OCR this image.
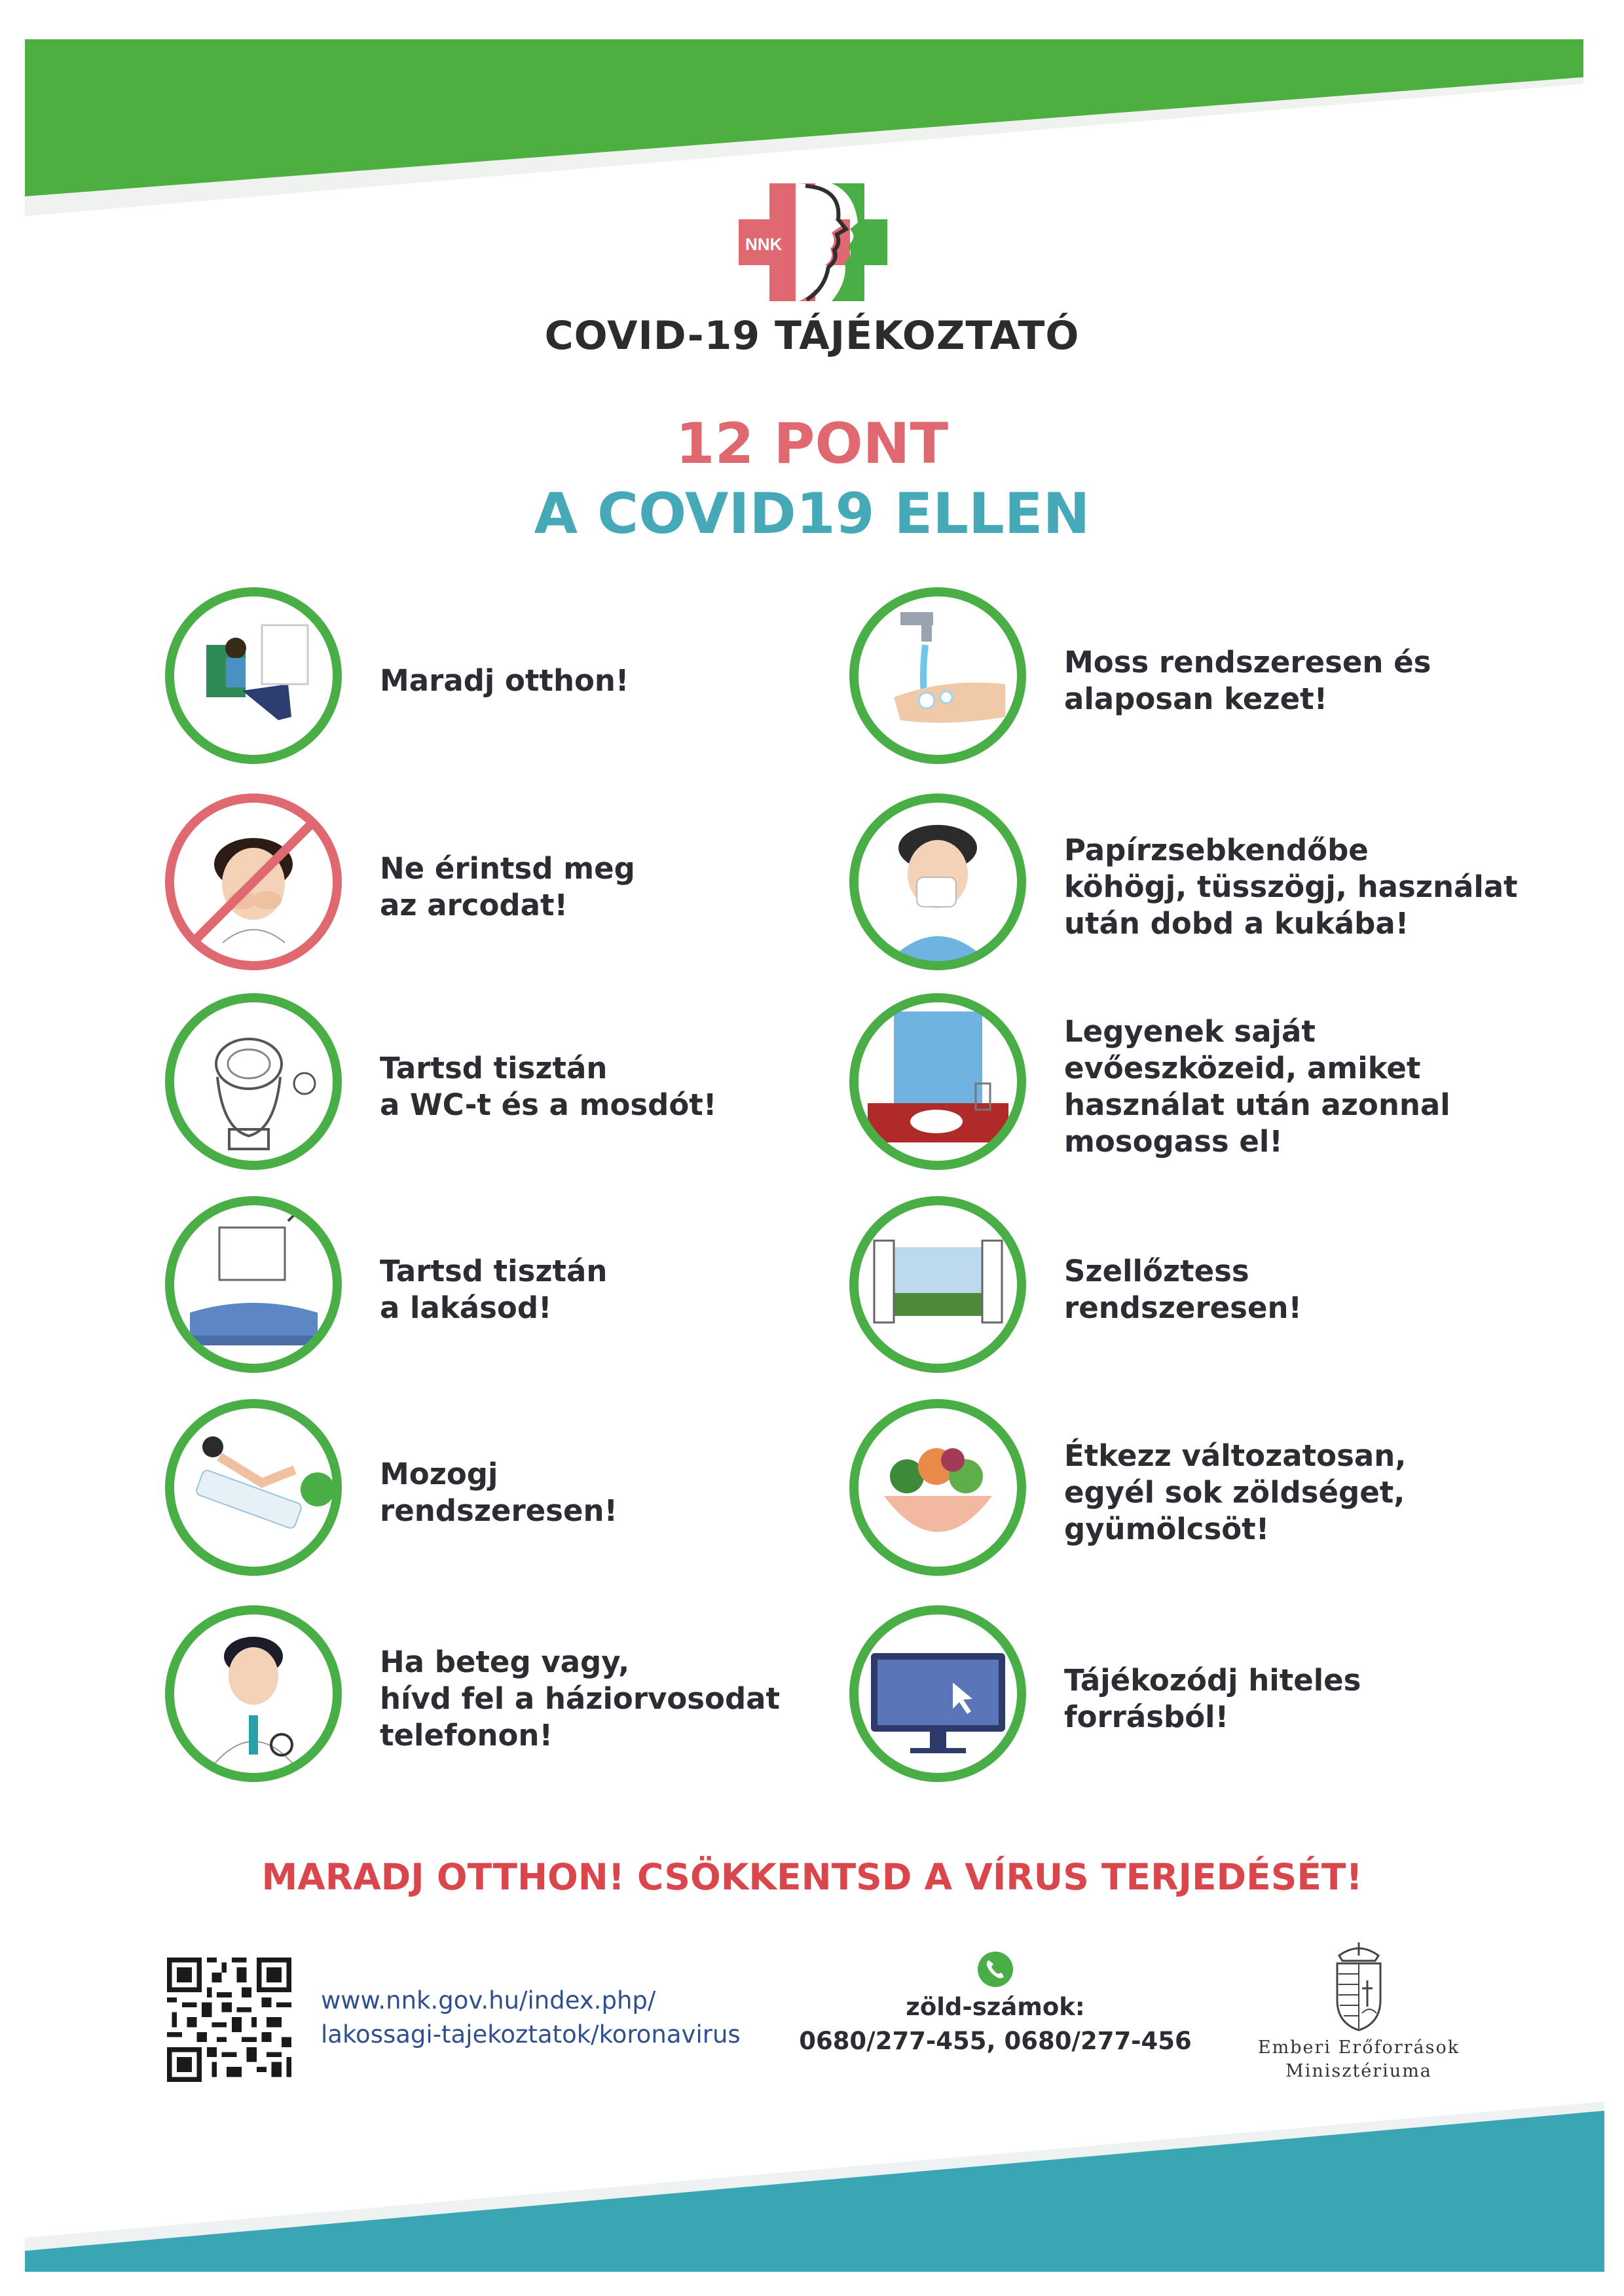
NNK
COVID-19 TÁJÉKOZTATÓ
12 PONT
A COVID19 ELLEN
Maradj otthon!
Moss rendszeresen és
alaposan kezet!
Ne érintsd meg
az arcodat!
Papírzsebkendőbe
köhögj, tüsszögj, használat
után dobd a kukába!
Tartsd tisztán
a WC-t és a mosdót!
Legyenek saját
evőeszközeid, amiket
használat után azonnal
mosogass el!
Tartsd tisztán
a lakásod!
Szellőztess
rendszeresen!
Mozogj
rendszeresen!
Étkezz változatosan,
egyél sok zöldséget,
gyümölcsöt!
Ha beteg vagy,
hívd fel a háziorvosodat
telefonon!
Tájékozódj hiteles
forrásból!
MARADJ OTTHON! CSÖKKENTSD A VÍRUS TERJEDÉSÉT!
www.nnk.gov.hu/index.php/
lakossagi-tajekoztatok/koronavirus
zöld-számok:
0680/277-455, 0680/277-456	Emberi Erőforrások
Minisztériuma
